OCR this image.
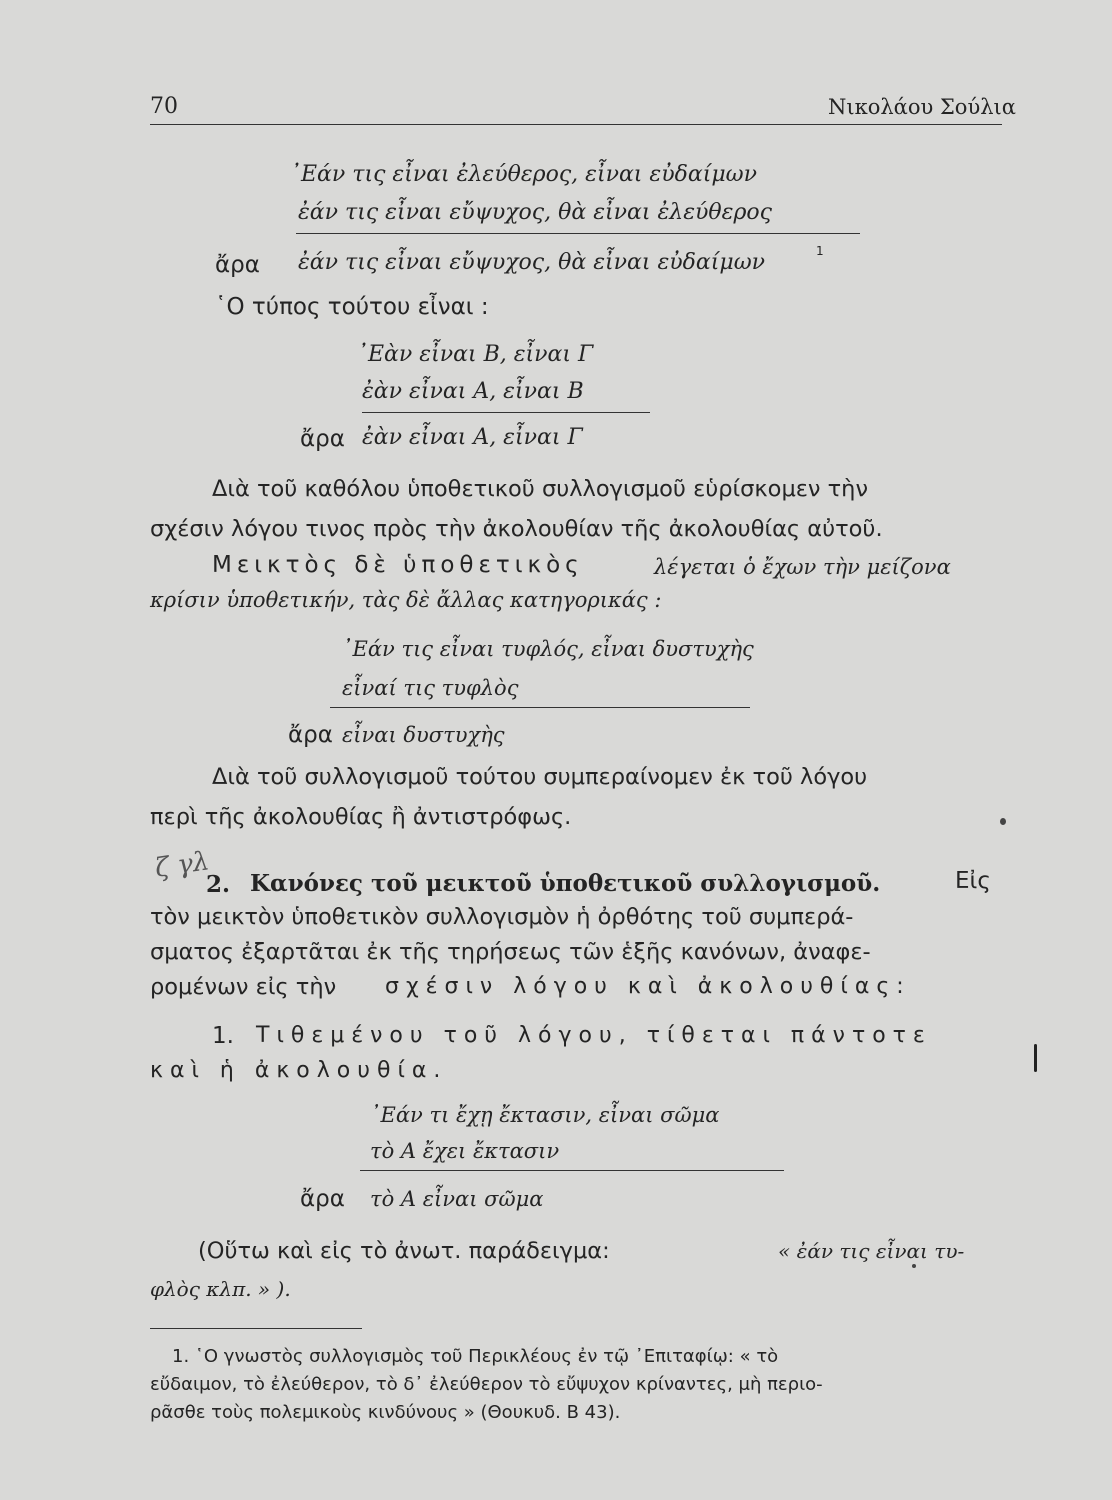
70	Νικολάου Σούλια
᾿Εάν τις εἶναι ἐλεύθερος, εἶναι εὐδαίμων
ἐάν τις εἶναι εὔψυχος, θὰ εἶναι ἐλεύθερος
ἄρα ἐάν τις εἶναι εὔψυχος, θὰ εἶναι εὐδαίμων	1
῾Ο τύπος τούτου εἶναι :
᾿Εὰν εἶναι Β, εἶναι Γ
ἐὰν εἶναι Α, εἶναι Β
ἄρα ἐὰν εἶναι Α, εἶναι Γ
Διὰ τοῦ καθόλου ὑποθετικοῦ συλλογισμοῦ εὑρίσκομεν τὴν
σχέσιν λόγου τινος πρὸς τὴν ἀκολουθίαν τῆς ἀκολουθίας αὐτοῦ.
Μεικτὸς δὲ ὑποθετικὸς	λέγεται ὁ ἔχων τὴν μείζονα
κρίσιν ὑποθετικήν, τὰς δὲ ἄλλας κατηγορικάς :
᾿Εάν τις εἶναι τυφλός, εἶναι δυστυχὴς
εἶναί τις τυφλὸς
ἄρα εἶναι δυστυχὴς
Διὰ τοῦ συλλογισμοῦ τούτου συμπεραίνομεν ἐκ τοῦ λόγου
περὶ τῆς ἀκολουθίας ἢ ἀντιστρόφως.
ζ γλ
2. Κανόνες τοῦ μεικτοῦ ὑποθετικοῦ συλλογισμοῦ.	Εἰς
τὸν μεικτὸν ὑποθετικὸν συλλογισμὸν ἡ ὀρθότης τοῦ συμπερά-
σματος ἐξαρτᾶται ἐκ τῆς τηρήσεως τῶν ἑξῆς κανόνων, ἀναφε-
ρομένων εἰς τὴν σχέσιν λόγου καὶ ἀκολουθίας:
1. Τιθεμένου τοῦ λόγου, τίθεται πάντοτε
καὶ ἡ ἀκολουθία.
᾿Εάν τι ἔχῃ ἔκτασιν, εἶναι σῶμα
τὸ Α ἔχει ἔκτασιν
ἄρα τὸ Α εἶναι σῶμα
(Οὕτω καὶ εἰς τὸ ἀνωτ. παράδειγμα:	« ἐάν τις εἶναι τυ-
φλὸς κλπ. » ).
1. ῾Ο γνωστὸς συλλογισμὸς τοῦ Περικλέους ἐν τῷ ᾿Επιταφίῳ: « τὸ
εὔδαιμον, τὸ ἐλεύθερον, τὸ δ᾿ ἐλεύθερον τὸ εὔψυχον κρίναντες, μὴ περιο-
ρᾶσθε τοὺς πολεμικοὺς κινδύνους » (Θουκυδ. Β 43).
